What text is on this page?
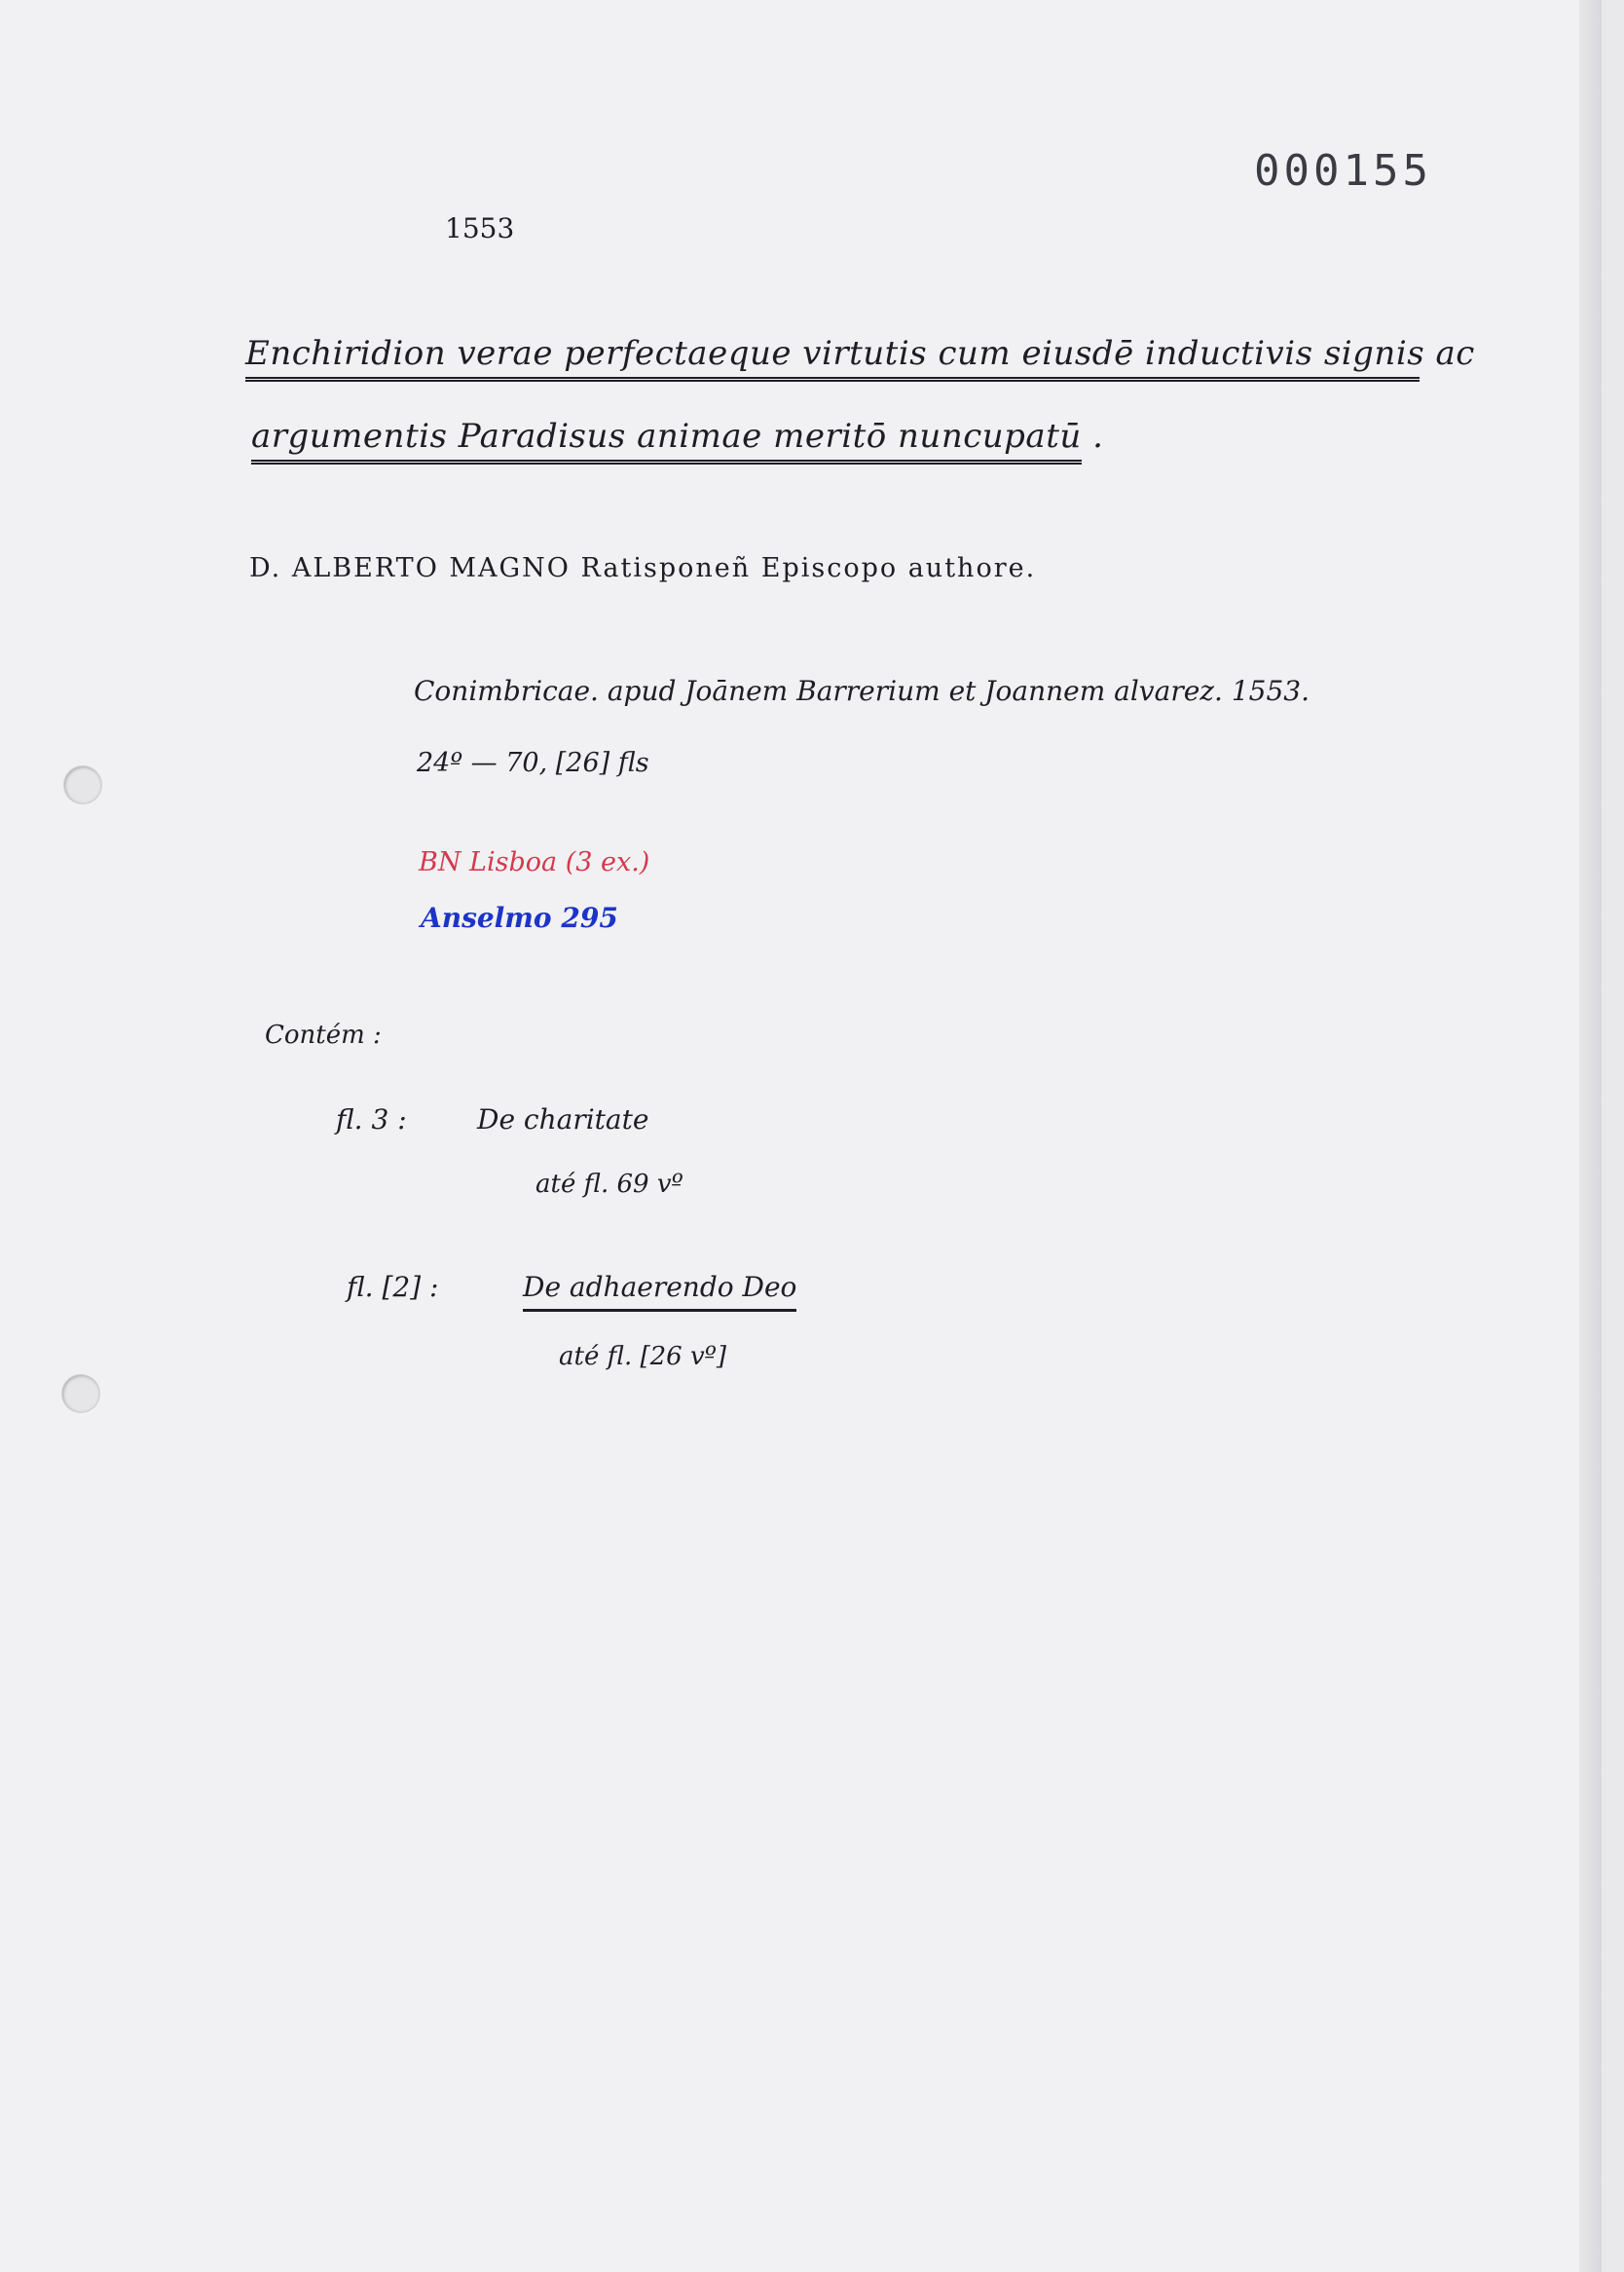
000155
1553
Enchiridion verae perfectaeque virtutis cum eiusdē inductivis signis ac
argumentis Paradisus animae meritō nuncupatū .
D. ALBERTO MAGNO Ratisponeñ Episcopo authore.
Conimbricae. apud Joānem Barrerium et Joannem alvarez. 1553.
24º — 70, [26] fls
BN Lisboa (3 ex.)
Anselmo 295
Contém :
fl. 3 :	De charitate
até fl. 69 vº
fl. [2] :	De adhaerendo Deo
até fl. [26 vº]
